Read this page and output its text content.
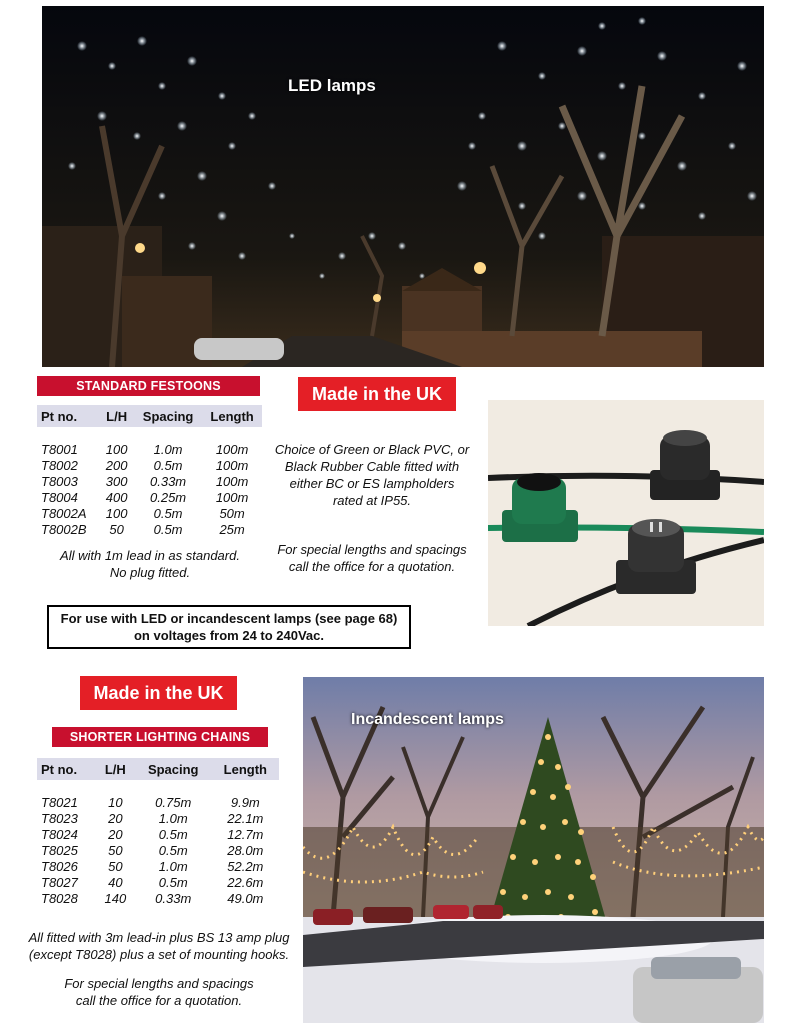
LED lamps
STANDARD FESTOONS
Pt no.	L/H	Spacing	Length

T8001	100	1.0m	100m
T8002	200	0.5m	100m
T8003	300	0.33m	100m
T8004	400	0.25m	100m
T8002A	100	0.5m	50m
T8002B	50	0.5m	25m
All with 1m lead in as standard.
No plug fitted.
Made in the UK
Choice of Green or Black PVC, or
Black Rubber Cable fitted with
either BC or ES lampholders
rated at IP55.
For special lengths and spacings
call the office for a quotation.
For use with LED or incandescent lamps (see page 68)
on voltages from 24 to 240Vac.
Made in the UK
SHORTER LIGHTING CHAINS
Pt no.	L/H	Spacing	Length

T8021	10	0.75m	9.9m
T8023	20	1.0m	22.1m
T8024	20	0.5m	12.7m
T8025	50	0.5m	28.0m
T8026	50	1.0m	52.2m
T8027	40	0.5m	22.6m
T8028	140	0.33m	49.0m
All fitted with 3m lead-in plus BS 13 amp plug
(except T8028) plus a set of mounting hooks.
For special lengths and spacings
call the office for a quotation.
Incandescent lamps
